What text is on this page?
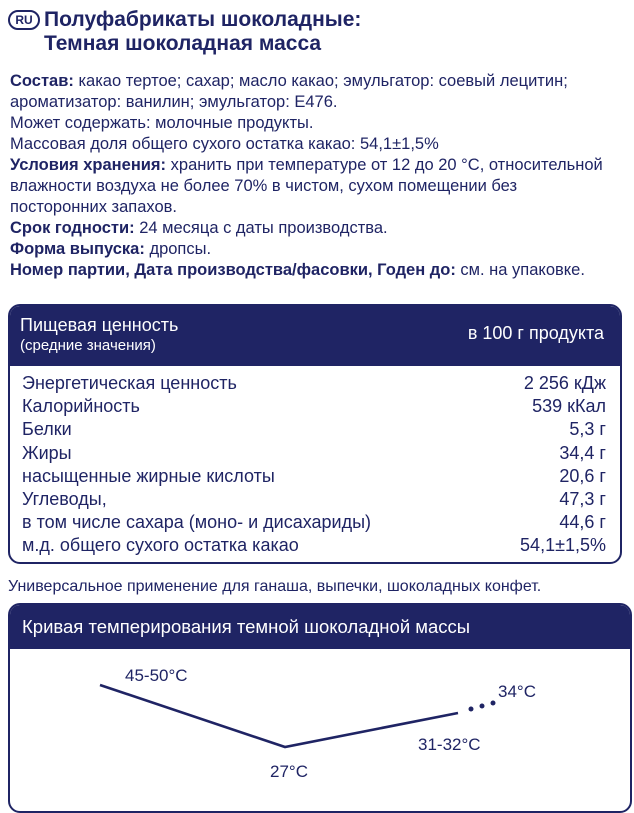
RU Полуфабрикаты шоколадные:
Темная шоколадная масса
Состав: какао тертое; сахар; масло какао; эмульгатор: соевый лецитин;
ароматизатор: ванилин; эмульгатор: Е476.
Может содержать: молочные продукты.
Массовая доля общего сухого остатка какао: 54,1±1,5%
Условия хранения: хранить при температуре от 12 до 20 °С, относительной
влажности воздуха не более 70% в чистом, сухом помещении без
посторонних запахов.
Срок годности: 24 месяца с даты производства.
Форма выпуска: дропсы.
Номер партии, Дата производства/фасовки, Годен до: см. на упаковке.
Пищевая ценность
(средние значения)
в 100 г продукта
Энергетическая ценность	2 256 кДж
Калорийность	539 кКал
Белки	5,3 г
Жиры	34,4 г
насыщенные жирные кислоты	20,6 г
Углеводы,	47,3 г
в том числе сахара (моно- и дисахариды)	44,6 г
м.д. общего сухого остатка какао	54,1±1,5%
Универсальное применение для ганаша, выпечки, шоколадных конфет.
Кривая темперирования темной шоколадной массы
45-50°C
27°C
31-32°C
34°C
